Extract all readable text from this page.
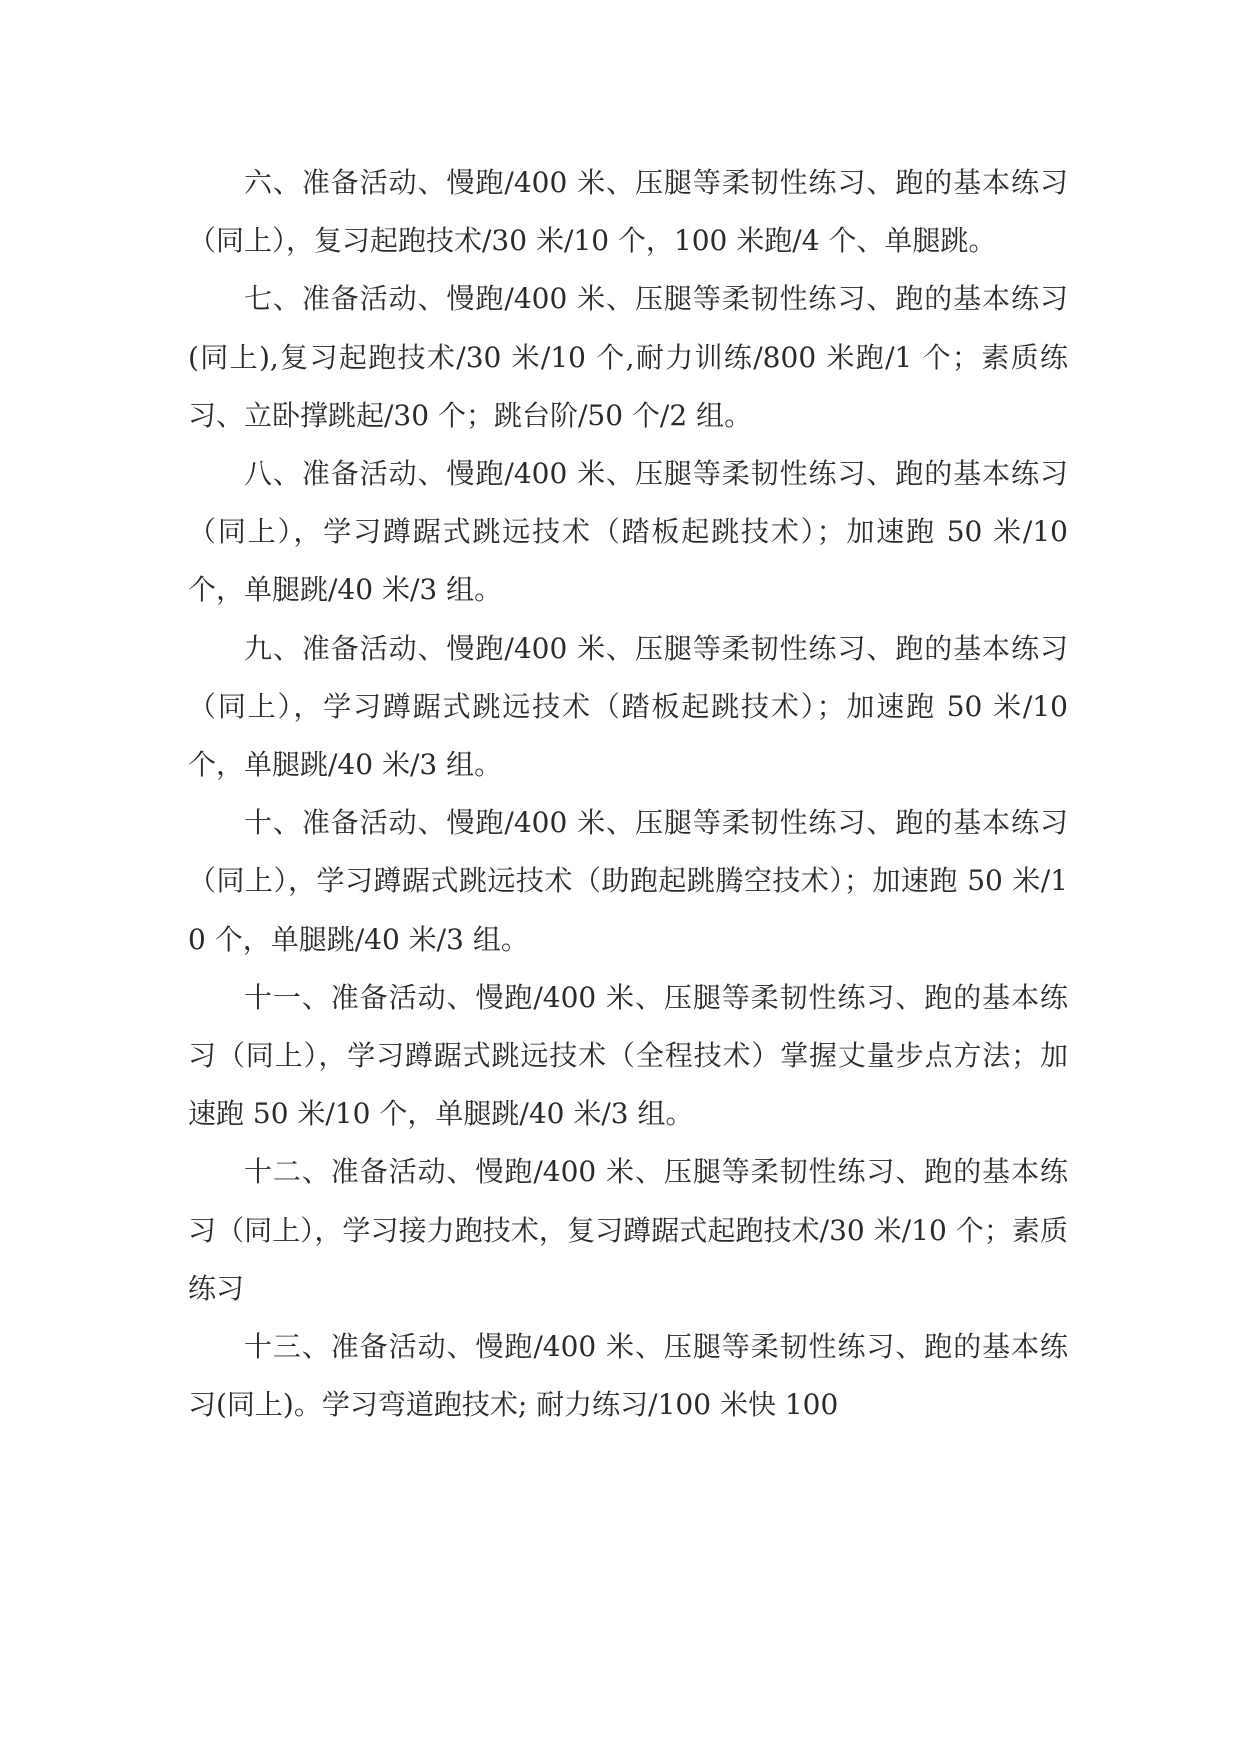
六、准备活动、慢跑/400 米、压腿等柔韧性练习、跑的基本练习（同上），复习起跑技术/30 米/10 个，100 米跑/4 个、单腿跳。

七、准备活动、慢跑/400 米、压腿等柔韧性练习、跑的基本练习(同上),复习起跑技术/30 米/10 个,耐力训练/800 米跑/1 个；素质练习、立卧撑跳起/30 个；跳台阶/50 个/2 组。

八、准备活动、慢跑/400 米、压腿等柔韧性练习、跑的基本练习（同上），学习蹲踞式跳远技术（踏板起跳技术）；加速跑 50 米/10 个，单腿跳/40 米/3 组。

九、准备活动、慢跑/400 米、压腿等柔韧性练习、跑的基本练习（同上），学习蹲踞式跳远技术（踏板起跳技术）；加速跑 50 米/10 个，单腿跳/40 米/3 组。

十、准备活动、慢跑/400 米、压腿等柔韧性练习、跑的基本练习（同上），学习蹲踞式跳远技术（助跑起跳腾空技术）；加速跑 50 米/10 个，单腿跳/40 米/3 组。

十一、准备活动、慢跑/400 米、压腿等柔韧性练习、跑的基本练习（同上），学习蹲踞式跳远技术（全程技术）掌握丈量步点方法；加速跑 50 米/10 个，单腿跳/40 米/3 组。

十二、准备活动、慢跑/400 米、压腿等柔韧性练习、跑的基本练习（同上），学习接力跑技术，复习蹲踞式起跑技术/30 米/10 个；素质练习

十三、准备活动、慢跑/400 米、压腿等柔韧性练习、跑的基本练习(同上)。学习弯道跑技术; 耐力练习/100 米快 100
